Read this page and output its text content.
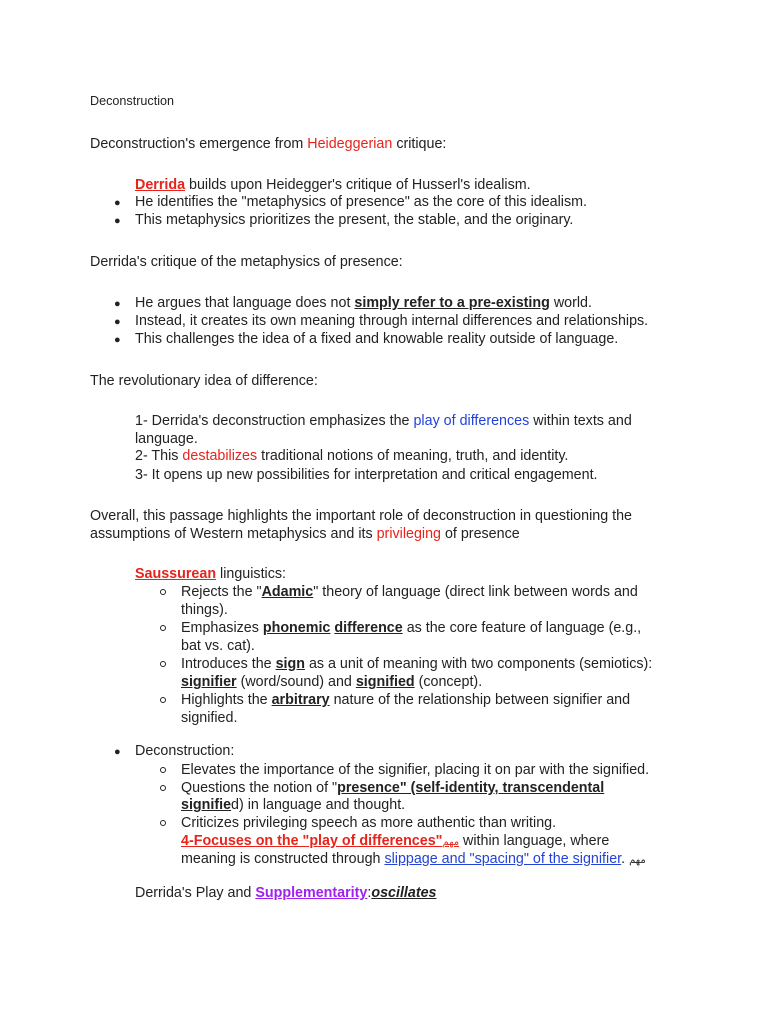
Deconstruction
Deconstruction's emergence from Heideggerian critique:
Derrida builds upon Heidegger's critique of Husserl's idealism.
● He identifies the "metaphysics of presence" as the core of this idealism.
● This metaphysics prioritizes the present, the stable, and the originary.
Derrida's critique of the metaphysics of presence:
● He argues that language does not simply refer to a pre-existing world.
● Instead, it creates its own meaning through internal differences and relationships.
● This challenges the idea of a fixed and knowable reality outside of language.
The revolutionary idea of difference:
1- Derrida's deconstruction emphasizes the play of differences within texts and
language.
2- This destabilizes traditional notions of meaning, truth, and identity.
3- It opens up new possibilities for interpretation and critical engagement.
Overall, this passage highlights the important role of deconstruction in questioning the
assumptions of Western metaphysics and its privileging of presence
Saussurean linguistics:
Rejects the "Adamic" theory of language (direct link between words and
things).
Emphasizes phonemic difference as the core feature of language (e.g.,
bat vs. cat).
Introduces the sign as a unit of meaning with two components (semiotics):
signifier (word/sound) and signified (concept).
Highlights the arbitrary nature of the relationship between signifier and
signified.
● Deconstruction:
Elevates the importance of the signifier, placing it on par with the signified.
Questions the notion of "presence" (self-identity, transcendental
signified) in language and thought.
Criticizes privileging speech as more authentic than writing.
4-Focuses on the "play of differences"مهم within language, where
meaning is constructed through slippage and "spacing" of the signifier. مهم
Derrida's Play and Supplementarity:oscillates
